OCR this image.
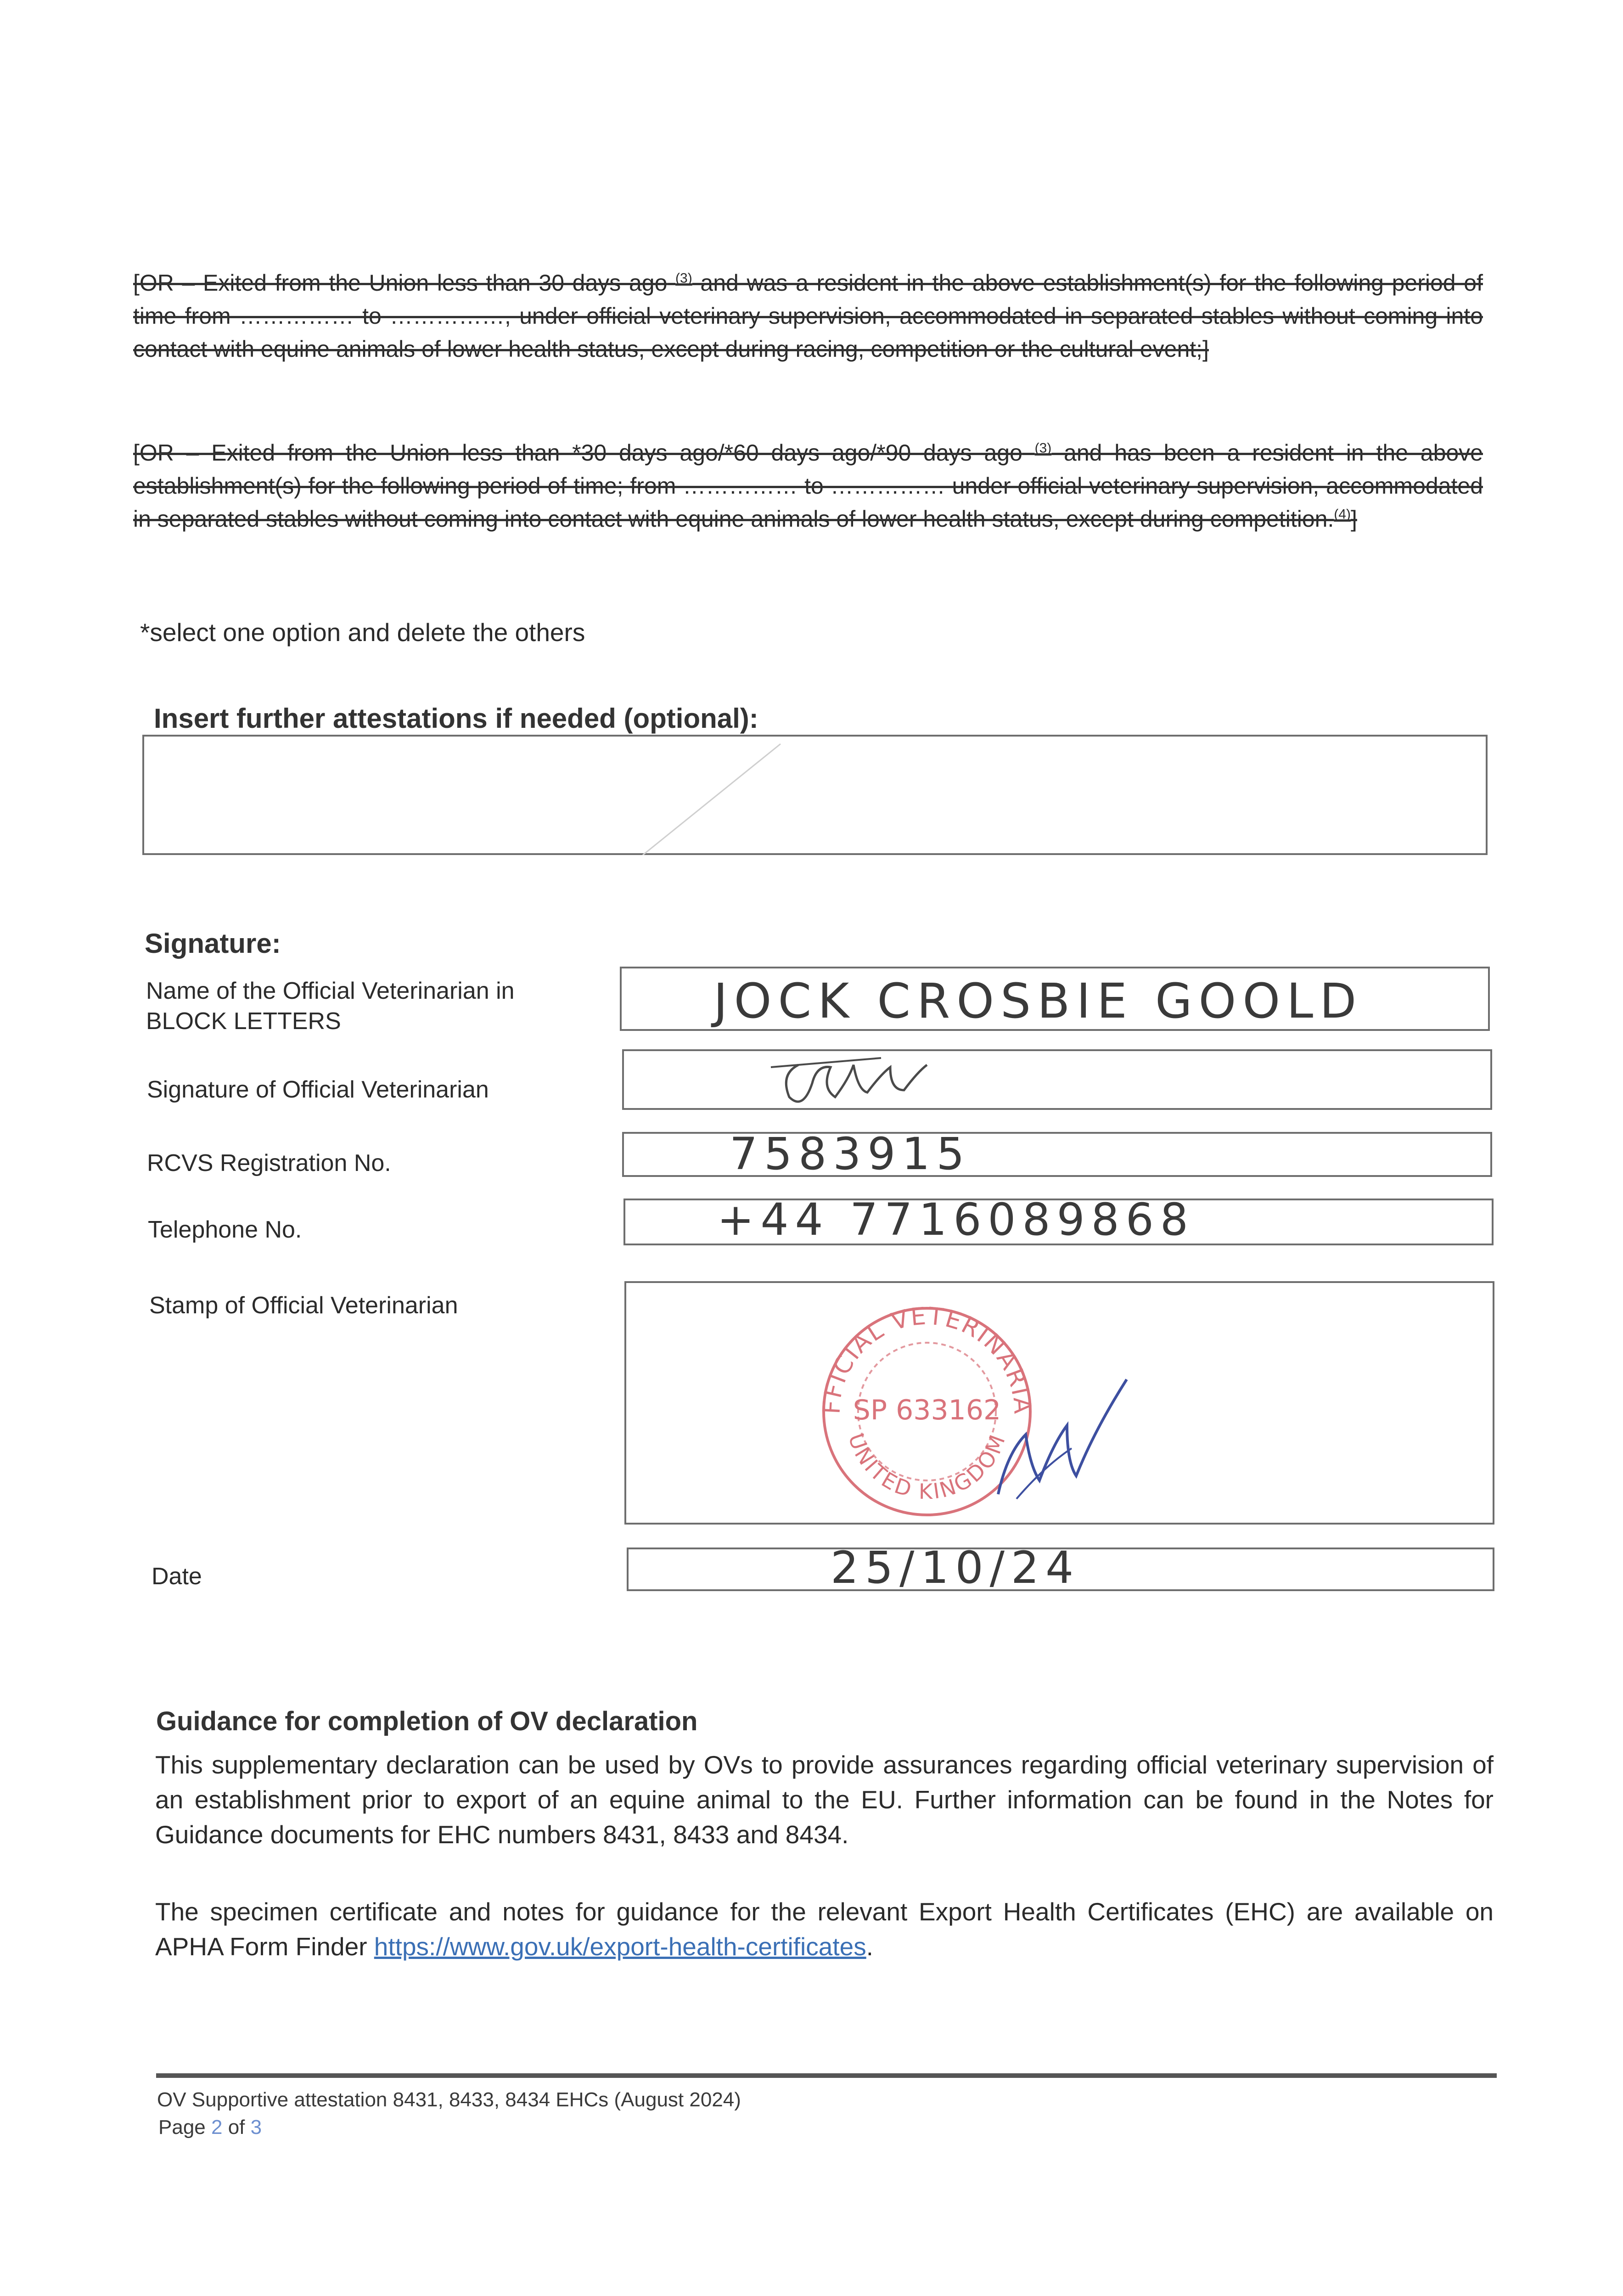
[OR – Exited from the Union less than 30 days ago $^{(3)}$ and was a resident in the above establishment(s) for the following period of time from …………… to ……………, under official veterinary supervision, accommodated in separated stables without coming into contact with equine animals of lower health status, except during racing, competition or the cultural event;]
[OR – Exited from the Union less than *30 days ago/*60 days ago/*90 days ago $^{(3)}$ and has been a resident in the above establishment(s) for the following period of time; from …………… to …………… under official veterinary supervision, accommodated in separated stables without coming into contact with equine animals of lower health status, except during competition.$^{(4)}$]
*select one option and delete the others
Insert further attestations if needed (optional):
Signature:
Name of the Official Veterinarian in BLOCK LETTERS	JOCK CROSBIE GOOLD
Signature of Official Veterinarian
RCVS Registration No.	7583915
Telephone No.	+44 7716089868
Stamp of Official Veterinarian
FFICIAL VETERINARIA
UNITED KINGDOM
SP 633162
Date	25/10/24
Guidance for completion of OV declaration
This supplementary declaration can be used by OVs to provide assurances regarding official veterinary supervision of an establishment prior to export of an equine animal to the EU. Further information can be found in the Notes for Guidance documents for EHC numbers 8431, 8433 and 8434.
The specimen certificate and notes for guidance for the relevant Export Health Certificates (EHC) are available on APHA Form Finder https://www.gov.uk/export-health-certificates.
OV Supportive attestation 8431, 8433, 8434 EHCs (August 2024)
Page 2 of 3
